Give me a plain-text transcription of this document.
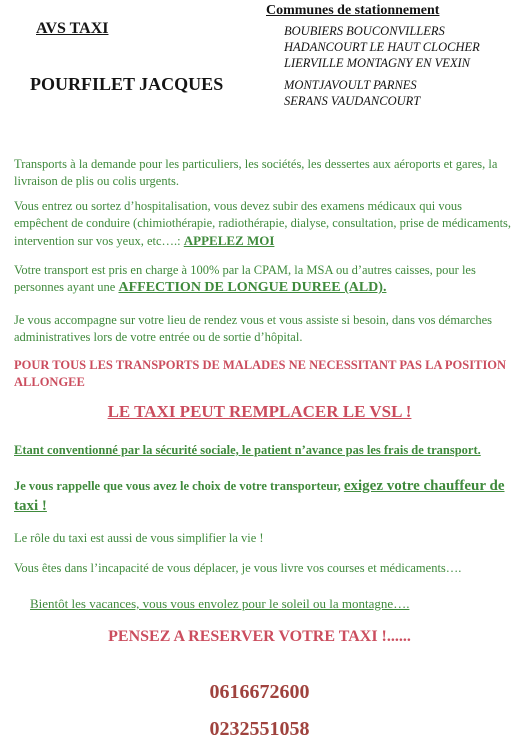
AVS TAXI
POURFILET JACQUES
Communes de stationnement
BOUBIERS BOUCONVILLERS
HADANCOURT LE HAUT CLOCHER
LIERVILLE MONTAGNY EN VEXIN
MONTJAVOULT PARNES
SERANS VAUDANCOURT
Transports à la demande pour les particuliers, les sociétés, les dessertes aux aéroports et gares, la livraison de plis ou colis urgents.
Vous entrez ou sortez d’hospitalisation, vous devez subir des examens médicaux qui vous empêchent de conduire (chimiothérapie, radiothérapie, dialyse, consultation, prise de médicaments, intervention sur vos yeux, etc….: APPELEZ MOI
Votre transport est pris en charge à 100% par la CPAM, la MSA ou d’autres caisses, pour les personnes ayant une AFFECTION DE LONGUE DUREE (ALD).
Je vous accompagne sur votre lieu de rendez vous et vous assiste si besoin, dans vos démarches administratives lors de votre entrée ou de sortie d’hôpital.
POUR TOUS LES TRANSPORTS DE MALADES NE NECESSITANT PAS LA POSITION ALLONGEE
LE TAXI PEUT REMPLACER LE VSL !
Etant conventionné par la sécurité sociale, le patient n’avance pas les frais de transport.
Je vous rappelle que vous avez le choix de votre transporteur, exigez votre chauffeur de taxi !
Le rôle du taxi est aussi de vous simplifier la vie !
Vous êtes dans l’incapacité de vous déplacer, je vous livre vos courses et médicaments….
Bientôt les vacances, vous vous envolez pour le soleil ou la montagne….
PENSEZ A RESERVER VOTRE TAXI !......
0616672600
0232551058
